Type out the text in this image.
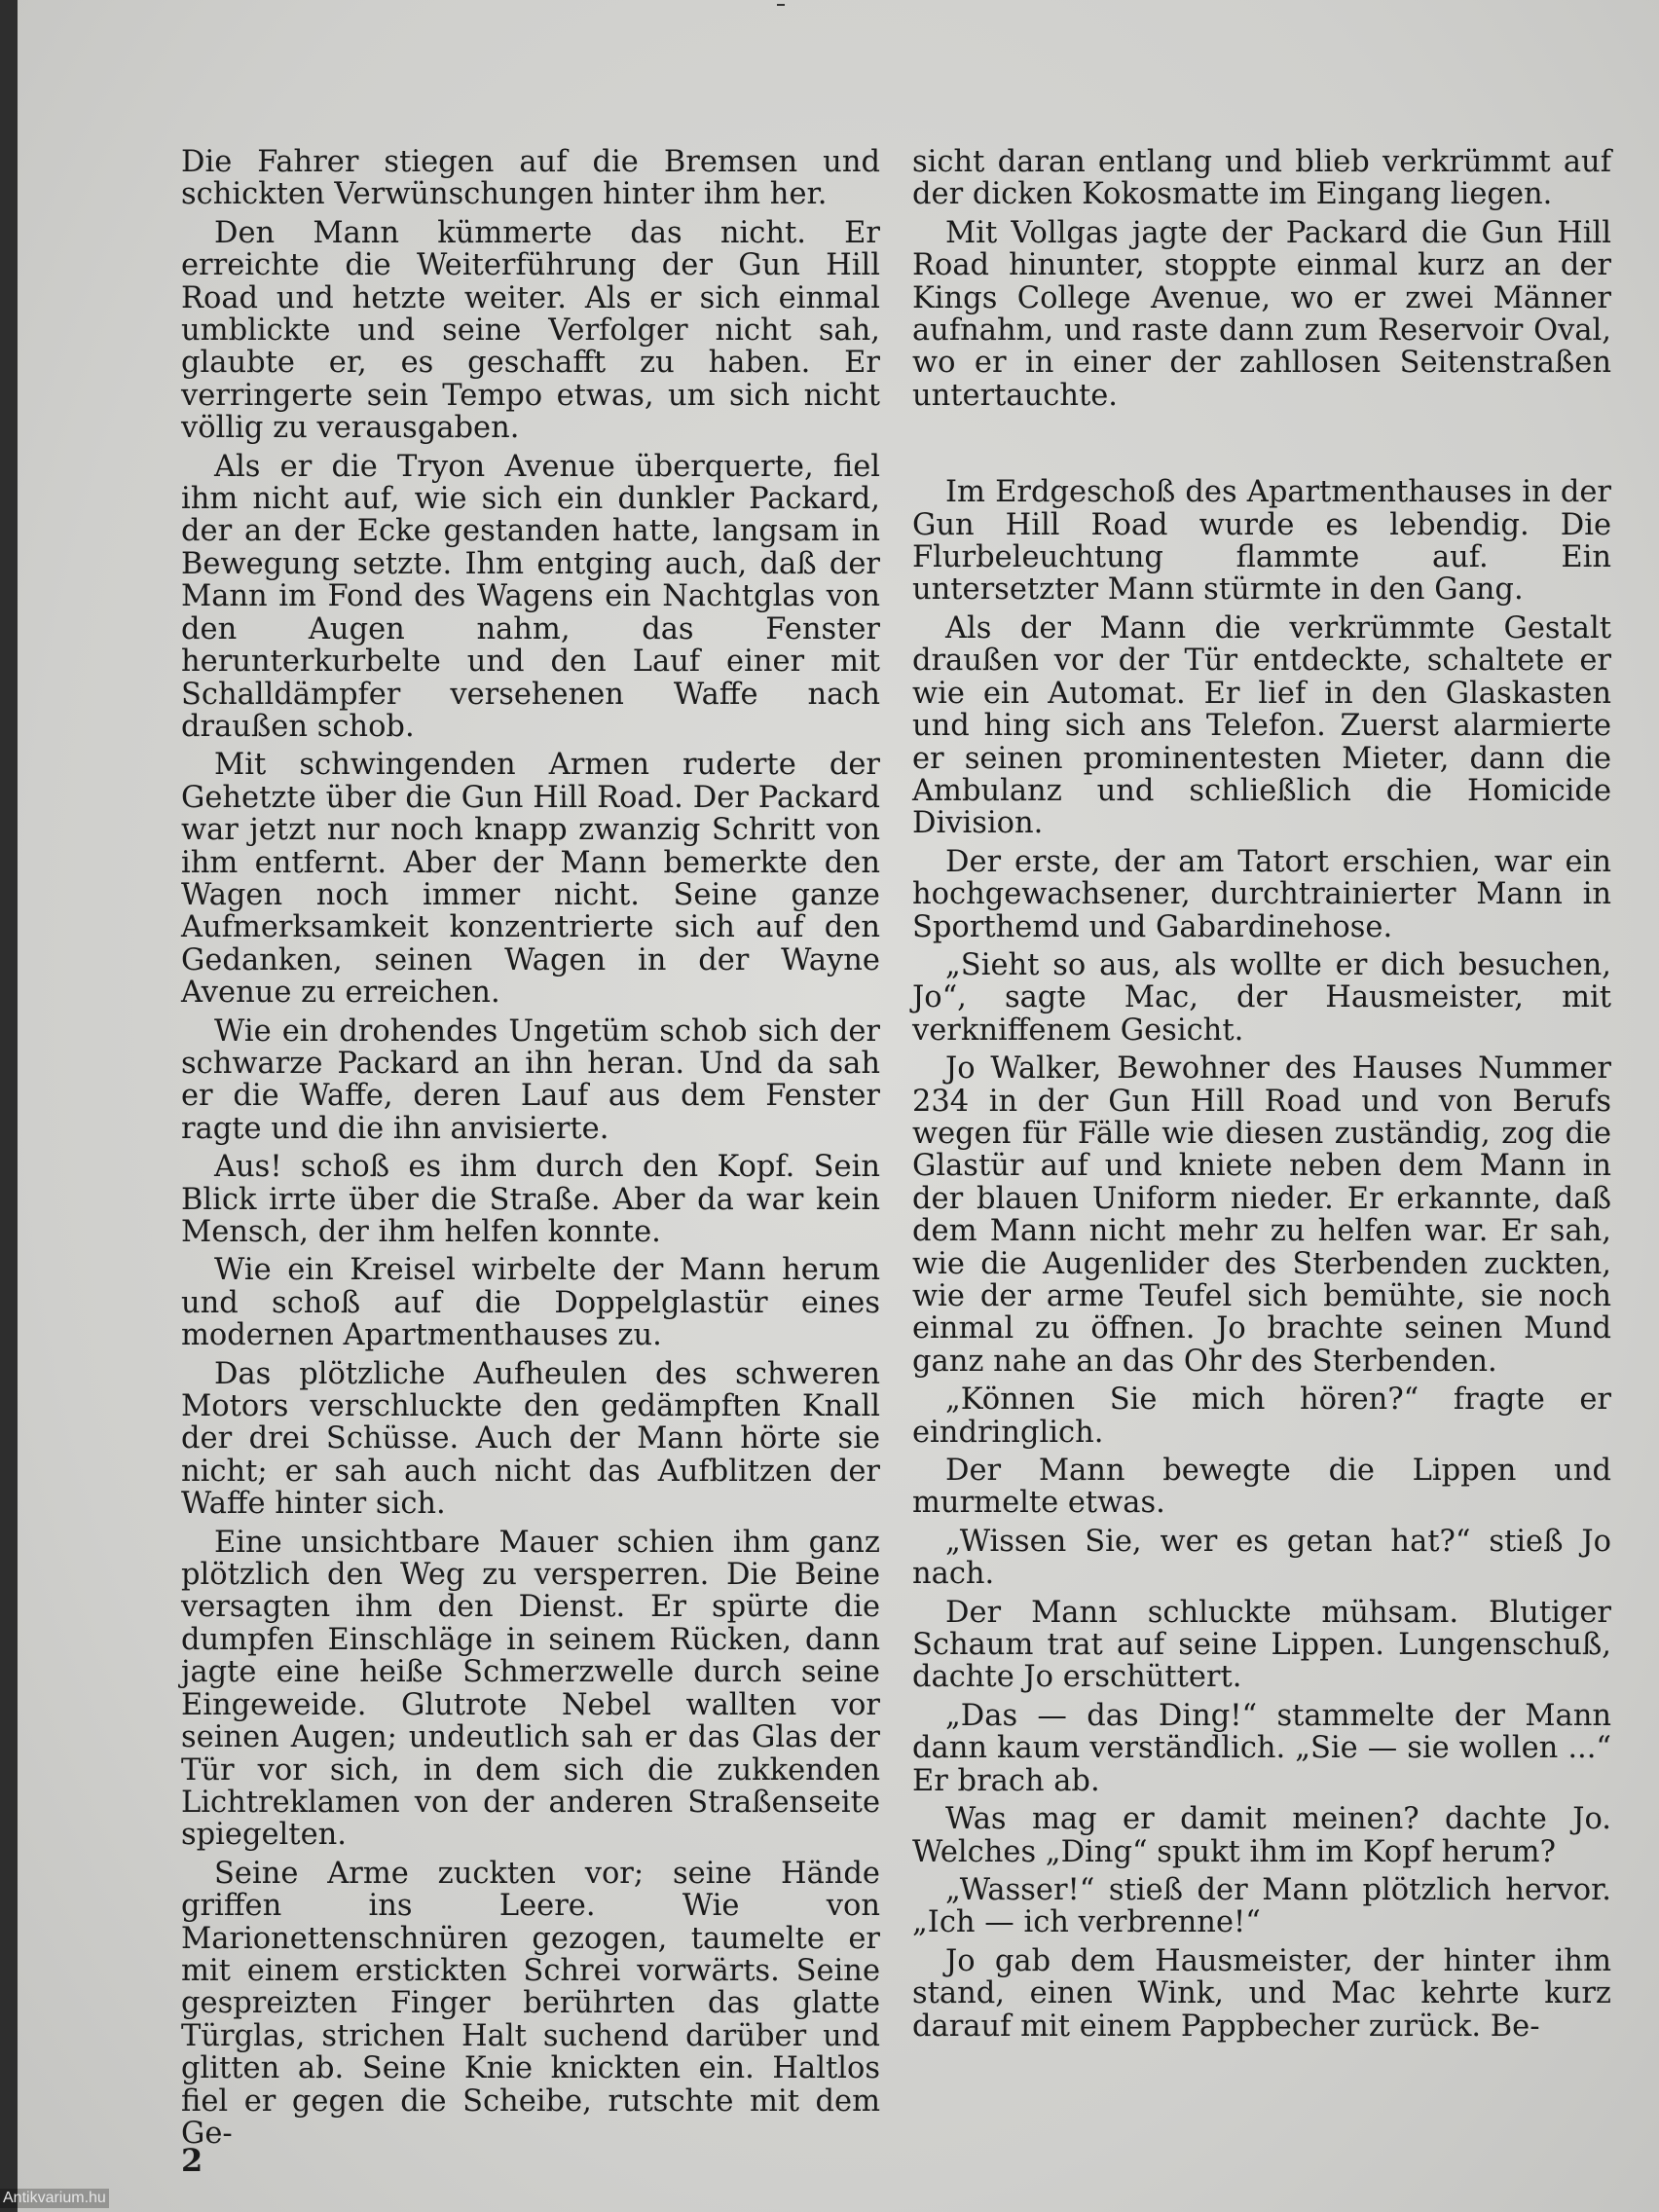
Die Fahrer stiegen auf die Bremsen und schickten Verwünschungen hinter ihm her.

Den Mann kümmerte das nicht. Er erreichte die Weiterführung der Gun Hill Road und hetzte weiter. Als er sich einmal umblickte und seine Verfolger nicht sah, glaubte er, es geschafft zu haben. Er verringerte sein Tempo etwas, um sich nicht völlig zu verausgaben.

Als er die Tryon Avenue überquerte, fiel ihm nicht auf, wie sich ein dunkler Packard, der an der Ecke gestanden hatte, langsam in Bewegung setzte. Ihm entging auch, daß der Mann im Fond des Wagens ein Nachtglas von den Augen nahm, das Fenster herunterkurbelte und den Lauf einer mit Schalldämpfer versehenen Waffe nach draußen schob.

Mit schwingenden Armen ruderte der Gehetzte über die Gun Hill Road. Der Packard war jetzt nur noch knapp zwanzig Schritt von ihm entfernt. Aber der Mann bemerkte den Wagen noch immer nicht. Seine ganze Aufmerksamkeit konzentrierte sich auf den Gedanken, seinen Wagen in der Wayne Avenue zu erreichen.

Wie ein drohendes Ungetüm schob sich der schwarze Packard an ihn heran. Und da sah er die Waffe, deren Lauf aus dem Fenster ragte und die ihn anvisierte.

Aus! schoß es ihm durch den Kopf. Sein Blick irrte über die Straße. Aber da war kein Mensch, der ihm helfen konnte.

Wie ein Kreisel wirbelte der Mann herum und schoß auf die Doppelglastür eines modernen Apartmenthauses zu.

Das plötzliche Aufheulen des schweren Motors verschluckte den gedämpften Knall der drei Schüsse. Auch der Mann hörte sie nicht; er sah auch nicht das Aufblitzen der Waffe hinter sich.

Eine unsichtbare Mauer schien ihm ganz plötzlich den Weg zu versperren. Die Beine versagten ihm den Dienst. Er spürte die dumpfen Einschläge in seinem Rücken, dann jagte eine heiße Schmerzwelle durch seine Eingeweide. Glutrote Nebel wallten vor seinen Augen; undeutlich sah er das Glas der Tür vor sich, in dem sich die zukkenden Lichtreklamen von der anderen Straßenseite spiegelten.

Seine Arme zuckten vor; seine Hände griffen ins Leere. Wie von Marionettenschnüren gezogen, taumelte er mit einem erstickten Schrei vorwärts. Seine gespreizten Finger berührten das glatte Türglas, strichen Halt suchend darüber und glitten ab. Seine Knie knickten ein. Haltlos fiel er gegen die Scheibe, rutschte mit dem Ge-

sicht daran entlang und blieb verkrümmt auf der dicken Kokosmatte im Eingang liegen.

Mit Vollgas jagte der Packard die Gun Hill Road hinunter, stoppte einmal kurz an der Kings College Avenue, wo er zwei Männer aufnahm, und raste dann zum Reservoir Oval, wo er in einer der zahllosen Seitenstraßen untertauchte.

Im Erdgeschoß des Apartmenthauses in der Gun Hill Road wurde es lebendig. Die Flurbeleuchtung flammte auf. Ein untersetzter Mann stürmte in den Gang.

Als der Mann die verkrümmte Gestalt draußen vor der Tür entdeckte, schaltete er wie ein Automat. Er lief in den Glaskasten und hing sich ans Telefon. Zuerst alarmierte er seinen prominentesten Mieter, dann die Ambulanz und schließlich die Homicide Division.

Der erste, der am Tatort erschien, war ein hochgewachsener, durchtrainierter Mann in Sporthemd und Gabardinehose.

„Sieht so aus, als wollte er dich besuchen, Jo“, sagte Mac, der Hausmeister, mit verkniffenem Gesicht.

Jo Walker, Bewohner des Hauses Nummer 234 in der Gun Hill Road und von Berufs wegen für Fälle wie diesen zuständig, zog die Glastür auf und kniete neben dem Mann in der blauen Uniform nieder. Er erkannte, daß dem Mann nicht mehr zu helfen war. Er sah, wie die Augenlider des Sterbenden zuckten, wie der arme Teufel sich bemühte, sie noch einmal zu öffnen. Jo brachte seinen Mund ganz nahe an das Ohr des Sterbenden.

„Können Sie mich hören?“ fragte er eindringlich.

Der Mann bewegte die Lippen und murmelte etwas.

„Wissen Sie, wer es getan hat?“ stieß Jo nach.

Der Mann schluckte mühsam. Blutiger Schaum trat auf seine Lippen. Lungenschuß, dachte Jo erschüttert.

„Das — das Ding!“ stammelte der Mann dann kaum verständlich. „Sie — sie wollen ...“ Er brach ab.

Was mag er damit meinen? dachte Jo. Welches „Ding“ spukt ihm im Kopf herum?

„Wasser!“ stieß der Mann plötzlich hervor. „Ich — ich verbrenne!“

Jo gab dem Hausmeister, der hinter ihm stand, einen Wink, und Mac kehrte kurz darauf mit einem Pappbecher zurück. Be-

2
Antikvarium.hu
